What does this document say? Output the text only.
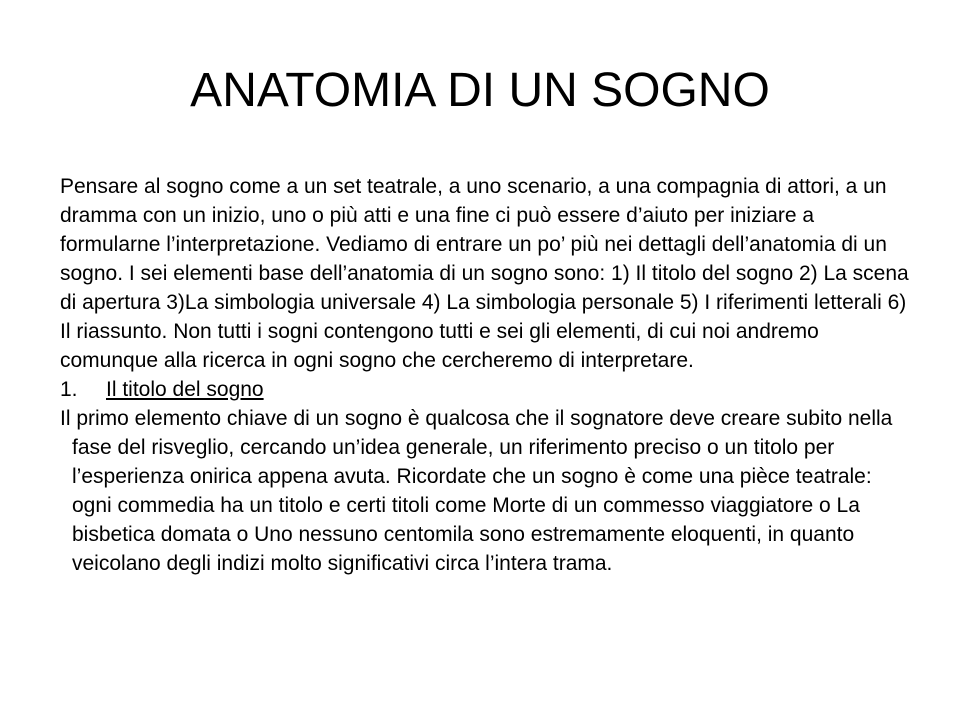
ANATOMIA DI UN SOGNO

Pensare al sogno come a un set teatrale, a uno scenario, a una compagnia di attori, a un dramma con un inizio, uno o più atti e una fine ci può essere d’aiuto per iniziare a formularne l’interpretazione. Vediamo di entrare un po’ più nei dettagli dell’anatomia di un sogno. I sei elementi base dell’anatomia di un sogno sono: 1) Il titolo del sogno 2) La scena di apertura 3)La simbologia universale 4) La simbologia personale 5) I riferimenti letterali 6) Il riassunto. Non tutti i sogni contengono tutti e sei gli elementi, di cui noi andremo comunque alla ricerca in ogni sogno che cercheremo di interpretare.

1.	Il titolo del sogno

Il primo elemento chiave di un sogno è qualcosa che il sognatore deve creare subito nella fase del risveglio, cercando un’idea generale, un riferimento preciso o un titolo per l’esperienza onirica appena avuta. Ricordate che un sogno è come una pièce teatrale: ogni commedia ha un titolo e certi titoli come Morte di un commesso viaggiatore o La bisbetica domata o Uno nessuno centomila sono estremamente eloquenti, in quanto veicolano degli indizi molto significativi circa l’intera trama.
